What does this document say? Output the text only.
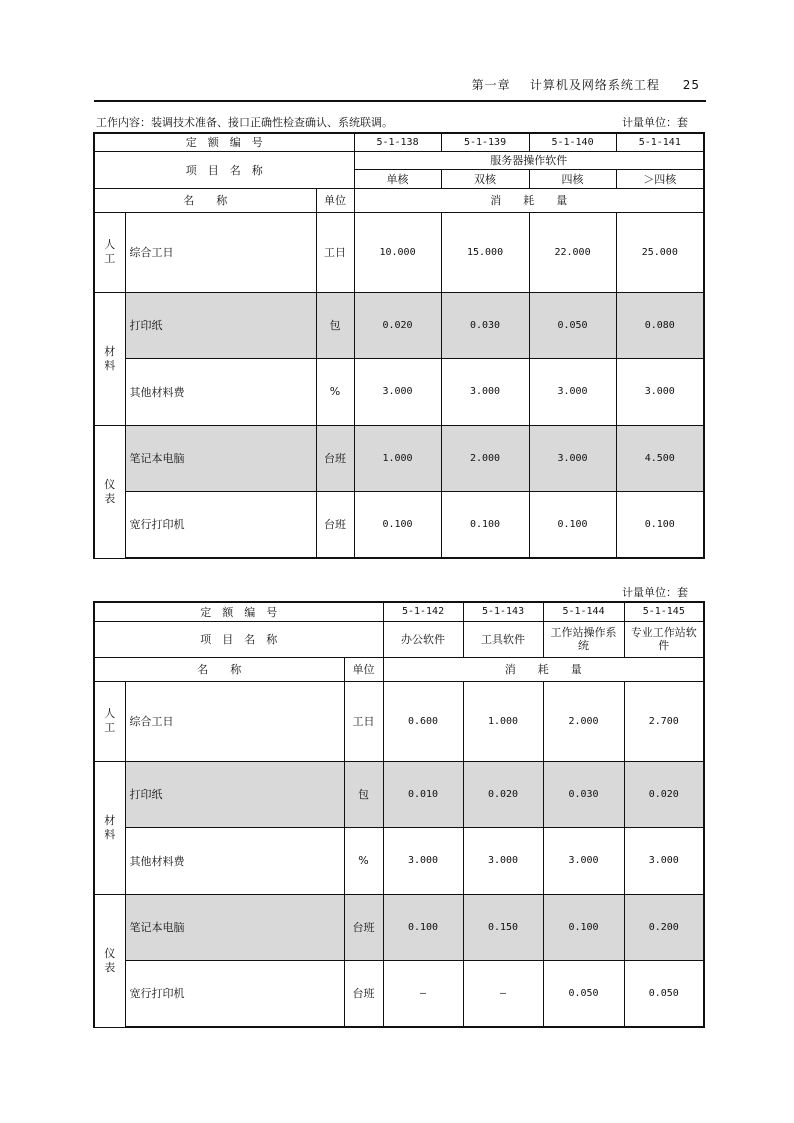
第一章 计算机及网络系统工程 25
工作内容：装调技术准备、接口正确性检查确认、系统联调。	计量单位：套
定　额　编　号			5-1-138	5-1-139	5-1-140	5-1-141
项　目　名　称			服务器操作软件			
			单核	双核	四核	＞四核
名　　称		单位	消　　耗　　量			

人
工	综合工日	工日	10.000	15.000	22.000	25.000

材
料	打印纸	包	0.020	0.030	0.050	0.080
	其他材料费	%	3.000	3.000	3.000	3.000

仪
表	笔记本电脑	台班	1.000	2.000	3.000	4.500
	宽行打印机	台班	0.100	0.100	0.100	0.100
计量单位：套
定　额　编　号			5-1-142	5-1-143	5-1-144	5-1-145
项　目　名　称			办公软件	工具软件	工作站操作系统	专业工作站软件
名　　称		单位	消　　耗　　量			

人
工	综合工日	工日	0.600	1.000	2.000	2.700

材
料	打印纸	包	0.010	0.020	0.030	0.020
	其他材料费	%	3.000	3.000	3.000	3.000

仪
表	笔记本电脑	台班	0.100	0.150	0.100	0.200
	宽行打印机	台班	—	—	0.050	0.050
